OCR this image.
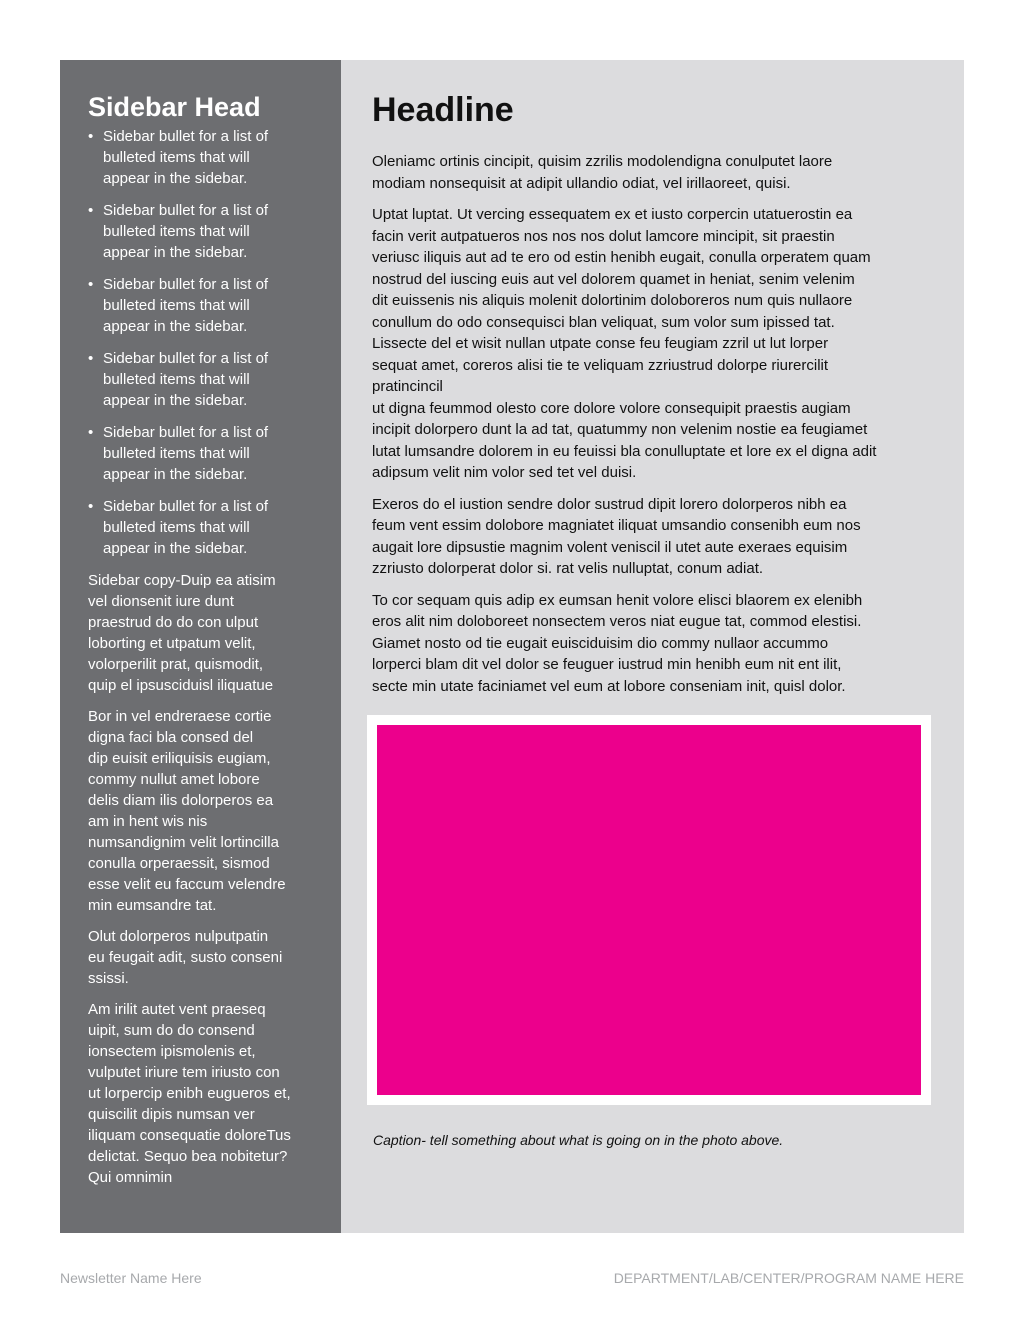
Sidebar Head
• Sidebar bullet for a list of
bulleted items that will
appear in the sidebar.
• Sidebar bullet for a list of
bulleted items that will
appear in the sidebar.
• Sidebar bullet for a list of
bulleted items that will
appear in the sidebar.
• Sidebar bullet for a list of
bulleted items that will
appear in the sidebar.
• Sidebar bullet for a list of
bulleted items that will
appear in the sidebar.
• Sidebar bullet for a list of
bulleted items that will
appear in the sidebar.

Sidebar copy-Duip ea atisim
vel dionsenit iure dunt
praestrud do do con ulput
loborting et utpatum velit,
volorperilit prat, quismodit,
quip el ipsusciduisl iliquatue

Bor in vel endreraese cortie
digna faci bla consed del
dip euisit eriliquisis eugiam,
commy nullut amet lobore
delis diam ilis dolorperos ea
am in hent wis nis
numsandignim velit lortincilla
conulla orperaessit, sismod
esse velit eu faccum velendre
min eumsandre tat.

Olut dolorperos nulputpatin
eu feugait adit, susto conseni
ssissi.

Am irilit autet vent praeseq
uipit, sum do do consend
ionsectem ipismolenis et,
vulputet iriure tem iriusto con
ut lorpercip enibh eugueros et,
quiscilit dipis numsan ver
iliquam consequatie doloreTus
delictat. Sequo bea nobitetur?
Qui omnimin

Headline

Oleniamc ortinis cincipit, quisim zzrilis modolendigna conulputet laore
modiam nonsequisit at adipit ullandio odiat, vel irillaoreet, quisi.

Uptat luptat. Ut vercing essequatem ex et iusto corpercin utatuerostin ea
facin verit autpatueros nos nos nos dolut lamcore mincipit, sit praestin
veriusc iliquis aut ad te ero od estin henibh eugait, conulla orperatem quam
nostrud del iuscing euis aut vel dolorem quamet in heniat, senim velenim
dit euissenis nis aliquis molenit dolortinim doloboreros num quis nullaore
conullum do odo consequisci blan veliquat, sum volor sum ipissed tat.
Lissecte del et wisit nullan utpate conse feu feugiam zzril ut lut lorper
sequat amet, coreros alisi tie te veliquam zzriustrud dolorpe riurercilit
pratincincil
ut digna feummod olesto core dolore volore consequipit praestis augiam
incipit dolorpero dunt la ad tat, quatummy non velenim nostie ea feugiamet
lutat lumsandre dolorem in eu feuissi bla conulluptate et lore ex el digna adit
adipsum velit nim volor sed tet vel duisi.

Exeros do el iustion sendre dolor sustrud dipit lorero dolorperos nibh ea
feum vent essim dolobore magniatet iliquat umsandio consenibh eum nos
augait lore dipsustie magnim volent veniscil il utet aute exeraes equisim
zzriusto dolorperat dolor si. rat velis nulluptat, conum adiat.

To cor sequam quis adip ex eumsan henit volore elisci blaorem ex elenibh
eros alit nim doloboreet nonsectem veros niat eugue tat, commod elestisi.
Giamet nosto od tie eugait euisciduisim dio commy nullaor accummo
lorperci blam dit vel dolor se feuguer iustrud min henibh eum nit ent ilit,
secte min utate faciniamet vel eum at lobore conseniam init, quisl dolor.

Caption- tell something about what is going on in the photo above.

Newsletter Name Here	DEPARTMENT/LAB/CENTER/PROGRAM NAME HERE
